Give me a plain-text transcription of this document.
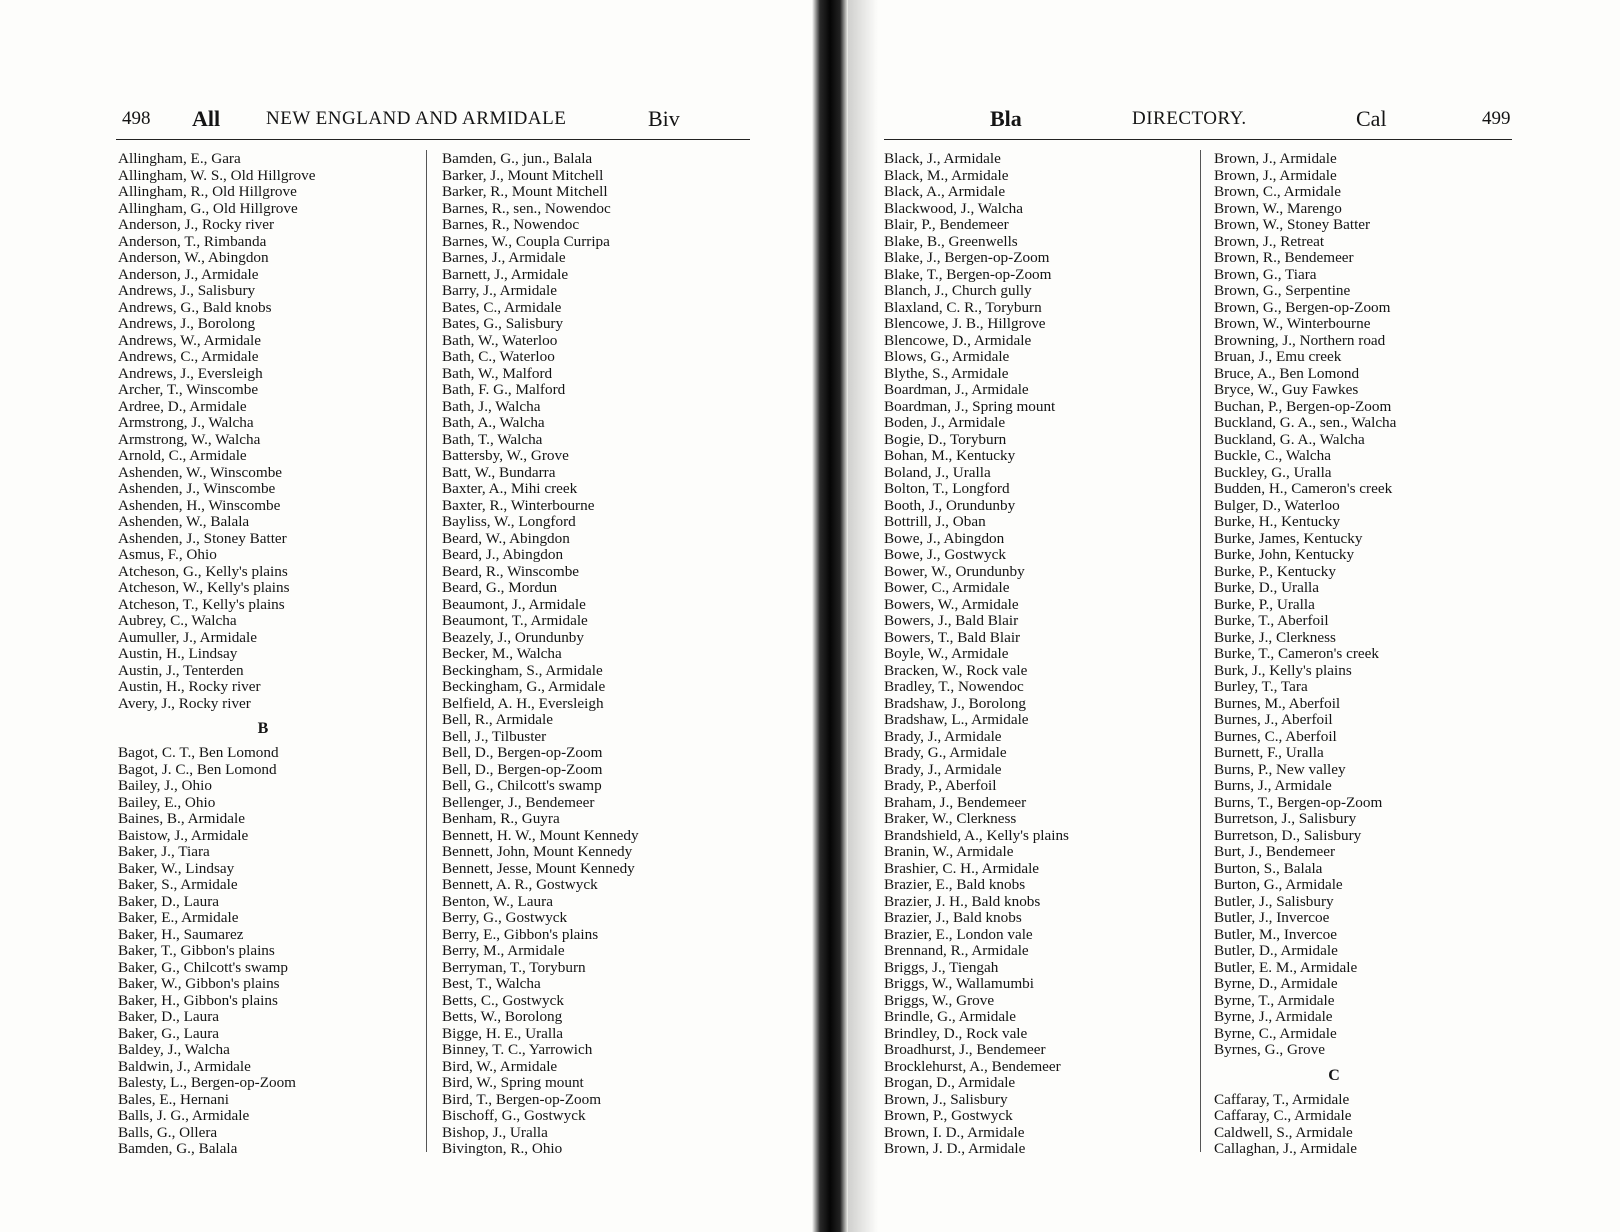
498 All NEW ENGLAND AND ARMIDALE	Biv
Allingham, E., Gara
Allingham, W. S., Old Hillgrove
Allingham, R., Old Hillgrove
Allingham, G., Old Hillgrove
Anderson, J., Rocky river
Anderson, T., Rimbanda
Anderson, W., Abingdon
Anderson, J., Armidale
Andrews, J., Salisbury
Andrews, G., Bald knobs
Andrews, J., Borolong
Andrews, W., Armidale
Andrews, C., Armidale
Andrews, J., Eversleigh
Archer, T., Winscombe
Ardree, D., Armidale
Armstrong, J., Walcha
Armstrong, W., Walcha
Arnold, C., Armidale
Ashenden, W., Winscombe
Ashenden, J., Winscombe
Ashenden, H., Winscombe
Ashenden, W., Balala
Ashenden, J., Stoney Batter
Asmus, F., Ohio
Atcheson, G., Kelly's plains
Atcheson, W., Kelly's plains
Atcheson, T., Kelly's plains
Aubrey, C., Walcha
Aumuller, J., Armidale
Austin, H., Lindsay
Austin, J., Tenterden
Austin, H., Rocky river
Avery, J., Rocky river
B
Bagot, C. T., Ben Lomond
Bagot, J. C., Ben Lomond
Bailey, J., Ohio
Bailey, E., Ohio
Baines, B., Armidale
Baistow, J., Armidale
Baker, J., Tiara
Baker, W., Lindsay
Baker, S., Armidale
Baker, D., Laura
Baker, E., Armidale
Baker, H., Saumarez
Baker, T., Gibbon's plains
Baker, G., Chilcott's swamp
Baker, W., Gibbon's plains
Baker, H., Gibbon's plains
Baker, D., Laura
Baker, G., Laura
Baldey, J., Walcha
Baldwin, J., Armidale
Balesty, L., Bergen-op-Zoom
Bales, E., Hernani
Balls, J. G., Armidale
Balls, G., Ollera
Bamden, G., Balala
Bamden, G., jun., Balala
Barker, J., Mount Mitchell
Barker, R., Mount Mitchell
Barnes, R., sen., Nowendoc
Barnes, R., Nowendoc
Barnes, W., Coupla Curripa
Barnes, J., Armidale
Barnett, J., Armidale
Barry, J., Armidale
Bates, C., Armidale
Bates, G., Salisbury
Bath, W., Waterloo
Bath, C., Waterloo
Bath, W., Malford
Bath, F. G., Malford
Bath, J., Walcha
Bath, A., Walcha
Bath, T., Walcha
Battersby, W., Grove
Batt, W., Bundarra
Baxter, A., Mihi creek
Baxter, R., Winterbourne
Bayliss, W., Longford
Beard, W., Abingdon
Beard, J., Abingdon
Beard, R., Winscombe
Beard, G., Mordun
Beaumont, J., Armidale
Beaumont, T., Armidale
Beazely, J., Orundunby
Becker, M., Walcha
Beckingham, S., Armidale
Beckingham, G., Armidale
Belfield, A. H., Eversleigh
Bell, R., Armidale
Bell, J., Tilbuster
Bell, D., Bergen-op-Zoom
Bell, D., Bergen-op-Zoom
Bell, G., Chilcott's swamp
Bellenger, J., Bendemeer
Benham, R., Guyra
Bennett, H. W., Mount Kennedy
Bennett, John, Mount Kennedy
Bennett, Jesse, Mount Kennedy
Bennett, A. R., Gostwyck
Benton, W., Laura
Berry, G., Gostwyck
Berry, E., Gibbon's plains
Berry, M., Armidale
Berryman, T., Toryburn
Best, T., Walcha
Betts, C., Gostwyck
Betts, W., Borolong
Bigge, H. E., Uralla
Binney, T. C., Yarrowich
Bird, W., Armidale
Bird, W., Spring mount
Bird, T., Bergen-op-Zoom
Bischoff, G., Gostwyck
Bishop, J., Uralla
Bivington, R., Ohio
Bla	DIRECTORY.	Cal	499
Black, J., Armidale
Black, M., Armidale
Black, A., Armidale
Blackwood, J., Walcha
Blair, P., Bendemeer
Blake, B., Greenwells
Blake, J., Bergen-op-Zoom
Blake, T., Bergen-op-Zoom
Blanch, J., Church gully
Blaxland, C. R., Toryburn
Blencowe, J. B., Hillgrove
Blencowe, D., Armidale
Blows, G., Armidale
Blythe, S., Armidale
Boardman, J., Armidale
Boardman, J., Spring mount
Boden, J., Armidale
Bogie, D., Toryburn
Bohan, M., Kentucky
Boland, J., Uralla
Bolton, T., Longford
Booth, J., Orundunby
Bottrill, J., Oban
Bowe, J., Abingdon
Bowe, J., Gostwyck
Bower, W., Orundunby
Bower, C., Armidale
Bowers, W., Armidale
Bowers, J., Bald Blair
Bowers, T., Bald Blair
Boyle, W., Armidale
Bracken, W., Rock vale
Bradley, T., Nowendoc
Bradshaw, J., Borolong
Bradshaw, L., Armidale
Brady, J., Armidale
Brady, G., Armidale
Brady, J., Armidale
Brady, P., Aberfoil
Braham, J., Bendemeer
Braker, W., Clerkness
Brandshield, A., Kelly's plains
Branin, W., Armidale
Brashier, C. H., Armidale
Brazier, E., Bald knobs
Brazier, J. H., Bald knobs
Brazier, J., Bald knobs
Brazier, E., London vale
Brennand, R., Armidale
Briggs, J., Tiengah
Briggs, W., Wallamumbi
Briggs, W., Grove
Brindle, G., Armidale
Brindley, D., Rock vale
Broadhurst, J., Bendemeer
Brocklehurst, A., Bendemeer
Brogan, D., Armidale
Brown, J., Salisbury
Brown, P., Gostwyck
Brown, I. D., Armidale
Brown, J. D., Armidale
Brown, J., Armidale
Brown, J., Armidale
Brown, C., Armidale
Brown, W., Marengo
Brown, W., Stoney Batter
Brown, J., Retreat
Brown, R., Bendemeer
Brown, G., Tiara
Brown, G., Serpentine
Brown, G., Bergen-op-Zoom
Brown, W., Winterbourne
Browning, J., Northern road
Bruan, J., Emu creek
Bruce, A., Ben Lomond
Bryce, W., Guy Fawkes
Buchan, P., Bergen-op-Zoom
Buckland, G. A., sen., Walcha
Buckland, G. A., Walcha
Buckle, C., Walcha
Buckley, G., Uralla
Budden, H., Cameron's creek
Bulger, D., Waterloo
Burke, H., Kentucky
Burke, James, Kentucky
Burke, John, Kentucky
Burke, P., Kentucky
Burke, D., Uralla
Burke, P., Uralla
Burke, T., Aberfoil
Burke, J., Clerkness
Burke, T., Cameron's creek
Burk, J., Kelly's plains
Burley, T., Tara
Burnes, M., Aberfoil
Burnes, J., Aberfoil
Burnes, C., Aberfoil
Burnett, F., Uralla
Burns, P., New valley
Burns, J., Armidale
Burns, T., Bergen-op-Zoom
Burretson, J., Salisbury
Burretson, D., Salisbury
Burt, J., Bendemeer
Burton, S., Balala
Burton, G., Armidale
Butler, J., Salisbury
Butler, J., Invercoe
Butler, M., Invercoe
Butler, D., Armidale
Butler, E. M., Armidale
Byrne, D., Armidale
Byrne, T., Armidale
Byrne, J., Armidale
Byrne, C., Armidale
Byrnes, G., Grove
C
Caffaray, T., Armidale
Caffaray, C., Armidale
Caldwell, S., Armidale
Callaghan, J., Armidale
